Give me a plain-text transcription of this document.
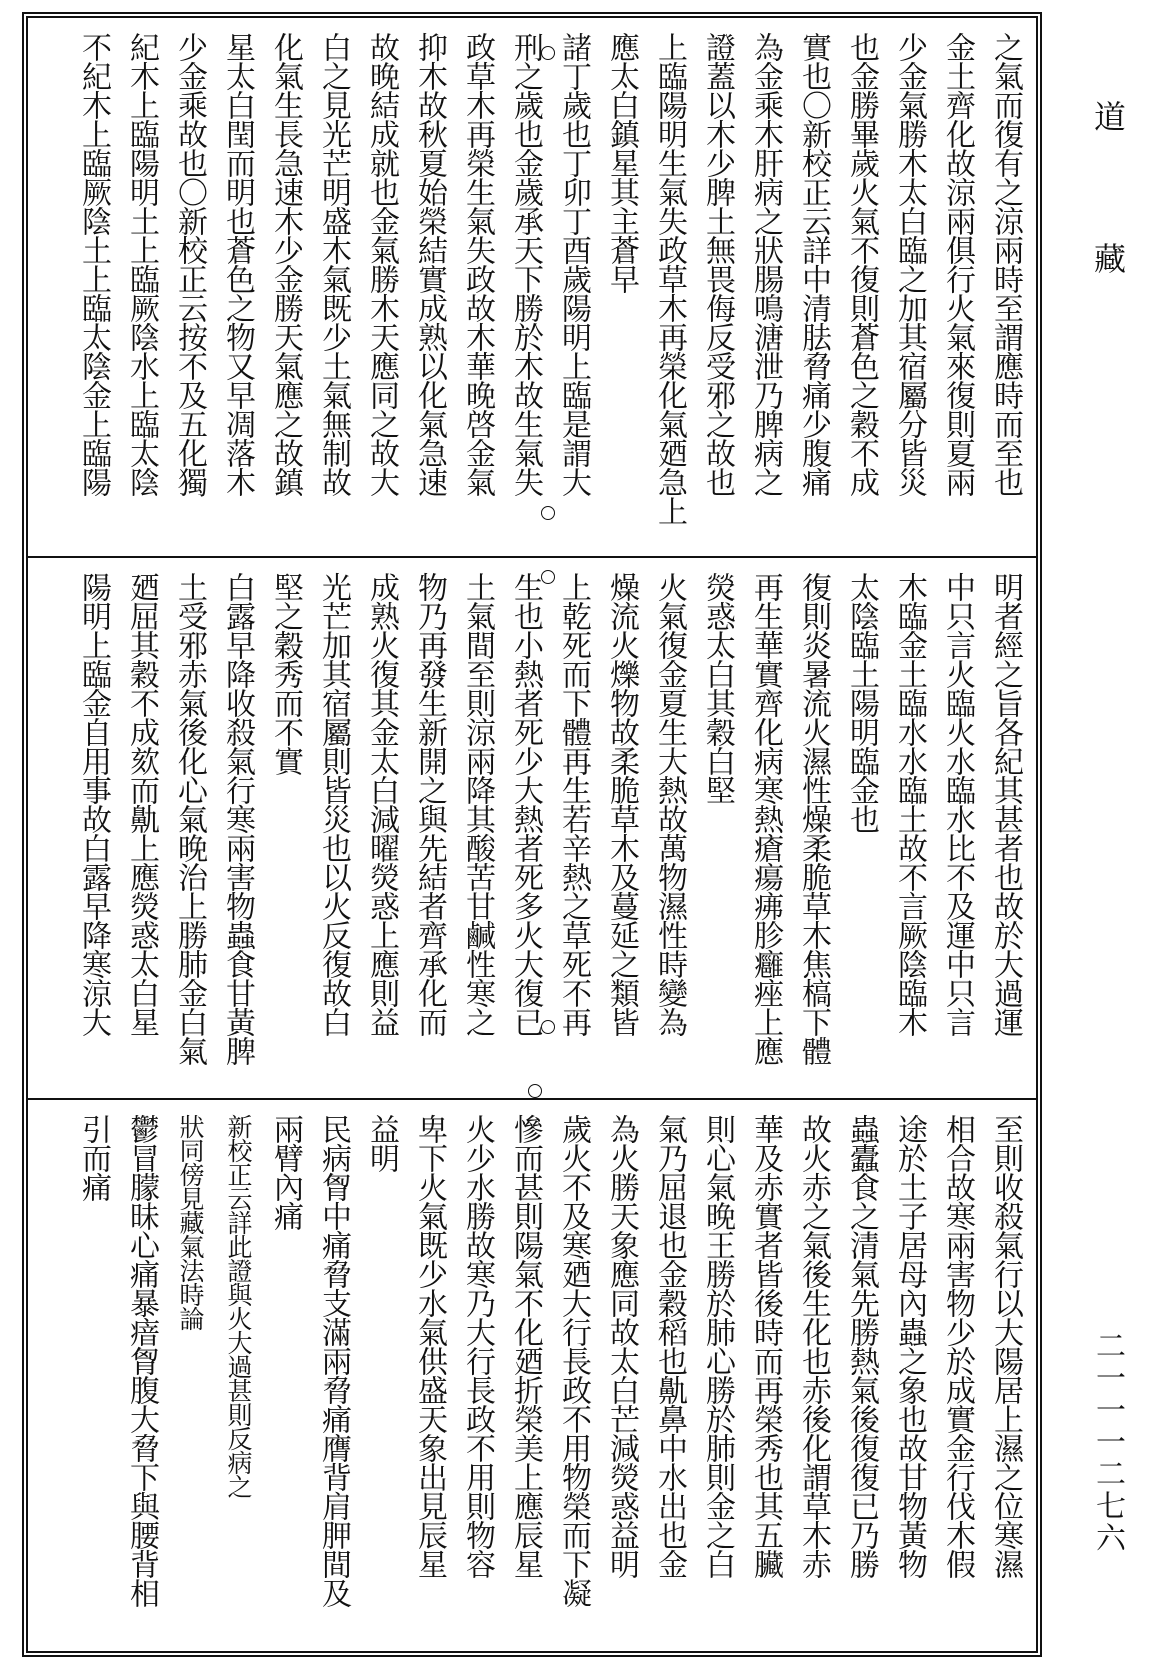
之氣而復有之涼兩時至謂應時而至也
金土齊化故涼兩俱行火氣來復則夏兩
少金氣勝木太白臨之加其宿屬分皆災
也金勝畢歲火氣不復則蒼色之穀不成
實也〇新校正云詳中清胠脅痛少腹痛
為金乘木肝病之狀腸鳴溏泄乃脾病之
證蓋以木少脾土無畏侮反受邪之故也
上臨陽明生氣失政草木再榮化氣廼急上
應太白鎮星其主蒼早
諸丁歲也丁卯丁酉歲陽明上臨是謂大
刑之歲也金歲承天下勝於木故生氣失
政草木再榮生氣失政故木華晚啓金氣
抑木故秋夏始榮結實成熟以化氣急速
故晚結成就也金氣勝木天應同之故大
白之見光芒明盛木氣既少土氣無制故
化氣生長急速木少金勝天氣應之故鎮
星太白閏而明也蒼色之物又早凋落木
少金乘故也〇新校正云按不及五化獨
紀木上臨陽明土上臨厥陰水上臨太陰
不紀木上臨厥陰土上臨太陰金上臨陽
明者經之旨各紀其甚者也故於大過運
中只言火臨火水臨水比不及運中只言
木臨金土臨水水臨土故不言厥陰臨木
太陰臨土陽明臨金也
復則炎暑流火濕性燥柔脆草木焦槁下體
再生華實齊化病寒熱瘡瘍疿胗癰痤上應
熒惑太白其穀白堅
火氣復金夏生大熱故萬物濕性時變為
燥流火爍物故柔脆草木及蔓延之類皆
上乾死而下體再生若辛熱之草死不再
生也小熱者死少大熱者死多火大復已
土氣間至則涼兩降其酸苦甘鹹性寒之
物乃再發生新開之與先結者齊承化而
成熟火復其金太白減曜熒惑上應則益
光芒加其宿屬則皆災也以火反復故白
堅之穀秀而不實
白露早降收殺氣行寒兩害物蟲食甘黃脾
土受邪赤氣後化心氣晚治上勝肺金白氣
廼屈其穀不成欬而鼽上應熒惑太白星
陽明上臨金自用事故白露早降寒涼大
至則收殺氣行以大陽居上濕之位寒濕
相合故寒兩害物少於成實金行伐木假
途於土子居母內蟲之象也故甘物黃物
蟲蠹食之清氣先勝熱氣後復復已乃勝
故火赤之氣後生化也赤後化謂草木赤
華及赤實者皆後時而再榮秀也其五臟
則心氣晚王勝於肺心勝於肺則金之白
氣乃屈退也金穀稻也鼽鼻中水出也金
為火勝天象應同故太白芒減熒惑益明
歲火不及寒廼大行長政不用物榮而下凝
慘而甚則陽氣不化廼折榮美上應辰星
火少水勝故寒乃大行長政不用則物容
卑下火氣既少水氣供盛天象出見辰星
益明
民病胷中痛脅支滿兩脅痛膺背肩胛間及
兩臂內痛
新校正云詳此證與火大過甚則反病之
狀同傍見藏氣法時論
鬱冒朦昧心痛暴瘖胷腹大脅下與腰背相
引而痛
道藏
二一一一二七六
